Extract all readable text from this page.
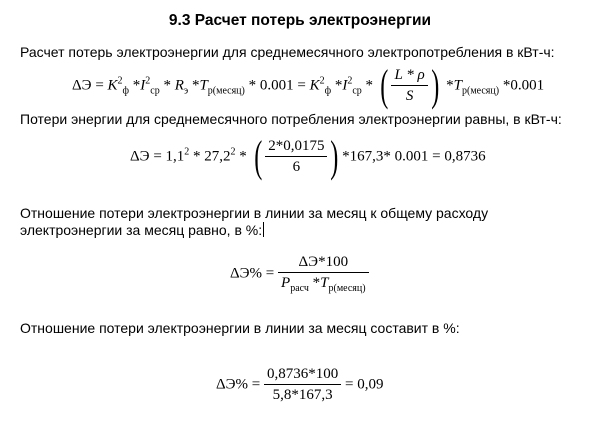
9.3 Расчет потерь электроэнергии
Расчет потерь электроэнергии для среднемесячного электропотребления в кВт-ч:
$\Delta Э = K^2_ф$ $*I^2_{ср} * R_э$ $*T_{р(месяц)} * 0.001 = K^2_ф$ $*I^2_{ср}$ * ( $\frac{L * \rho}{S}$ ) $*T_{р(месяц)}$ *0.001
Потери энергии для среднемесячного потребления электроэнергии равны, в кВт-ч:
$\Delta Э = 1,1^2 * 27,2^2$ * ( $\frac{2*0,0175}{6}$ ) *167,3* 0.001 = 0,8736
Отношение потери электроэнергии в линии за месяц к общему расходу
электроэнергии за месяц равно, в %:
$\Delta Э\% = \frac{\Delta Э*100}{P_{расч} *T_{р(месяц)}}$
Отношение потери электроэнергии в линии за месяц составит в %:
$\Delta Э\% = \frac{0,8736*100}{5,8*167,3} = 0,09$
